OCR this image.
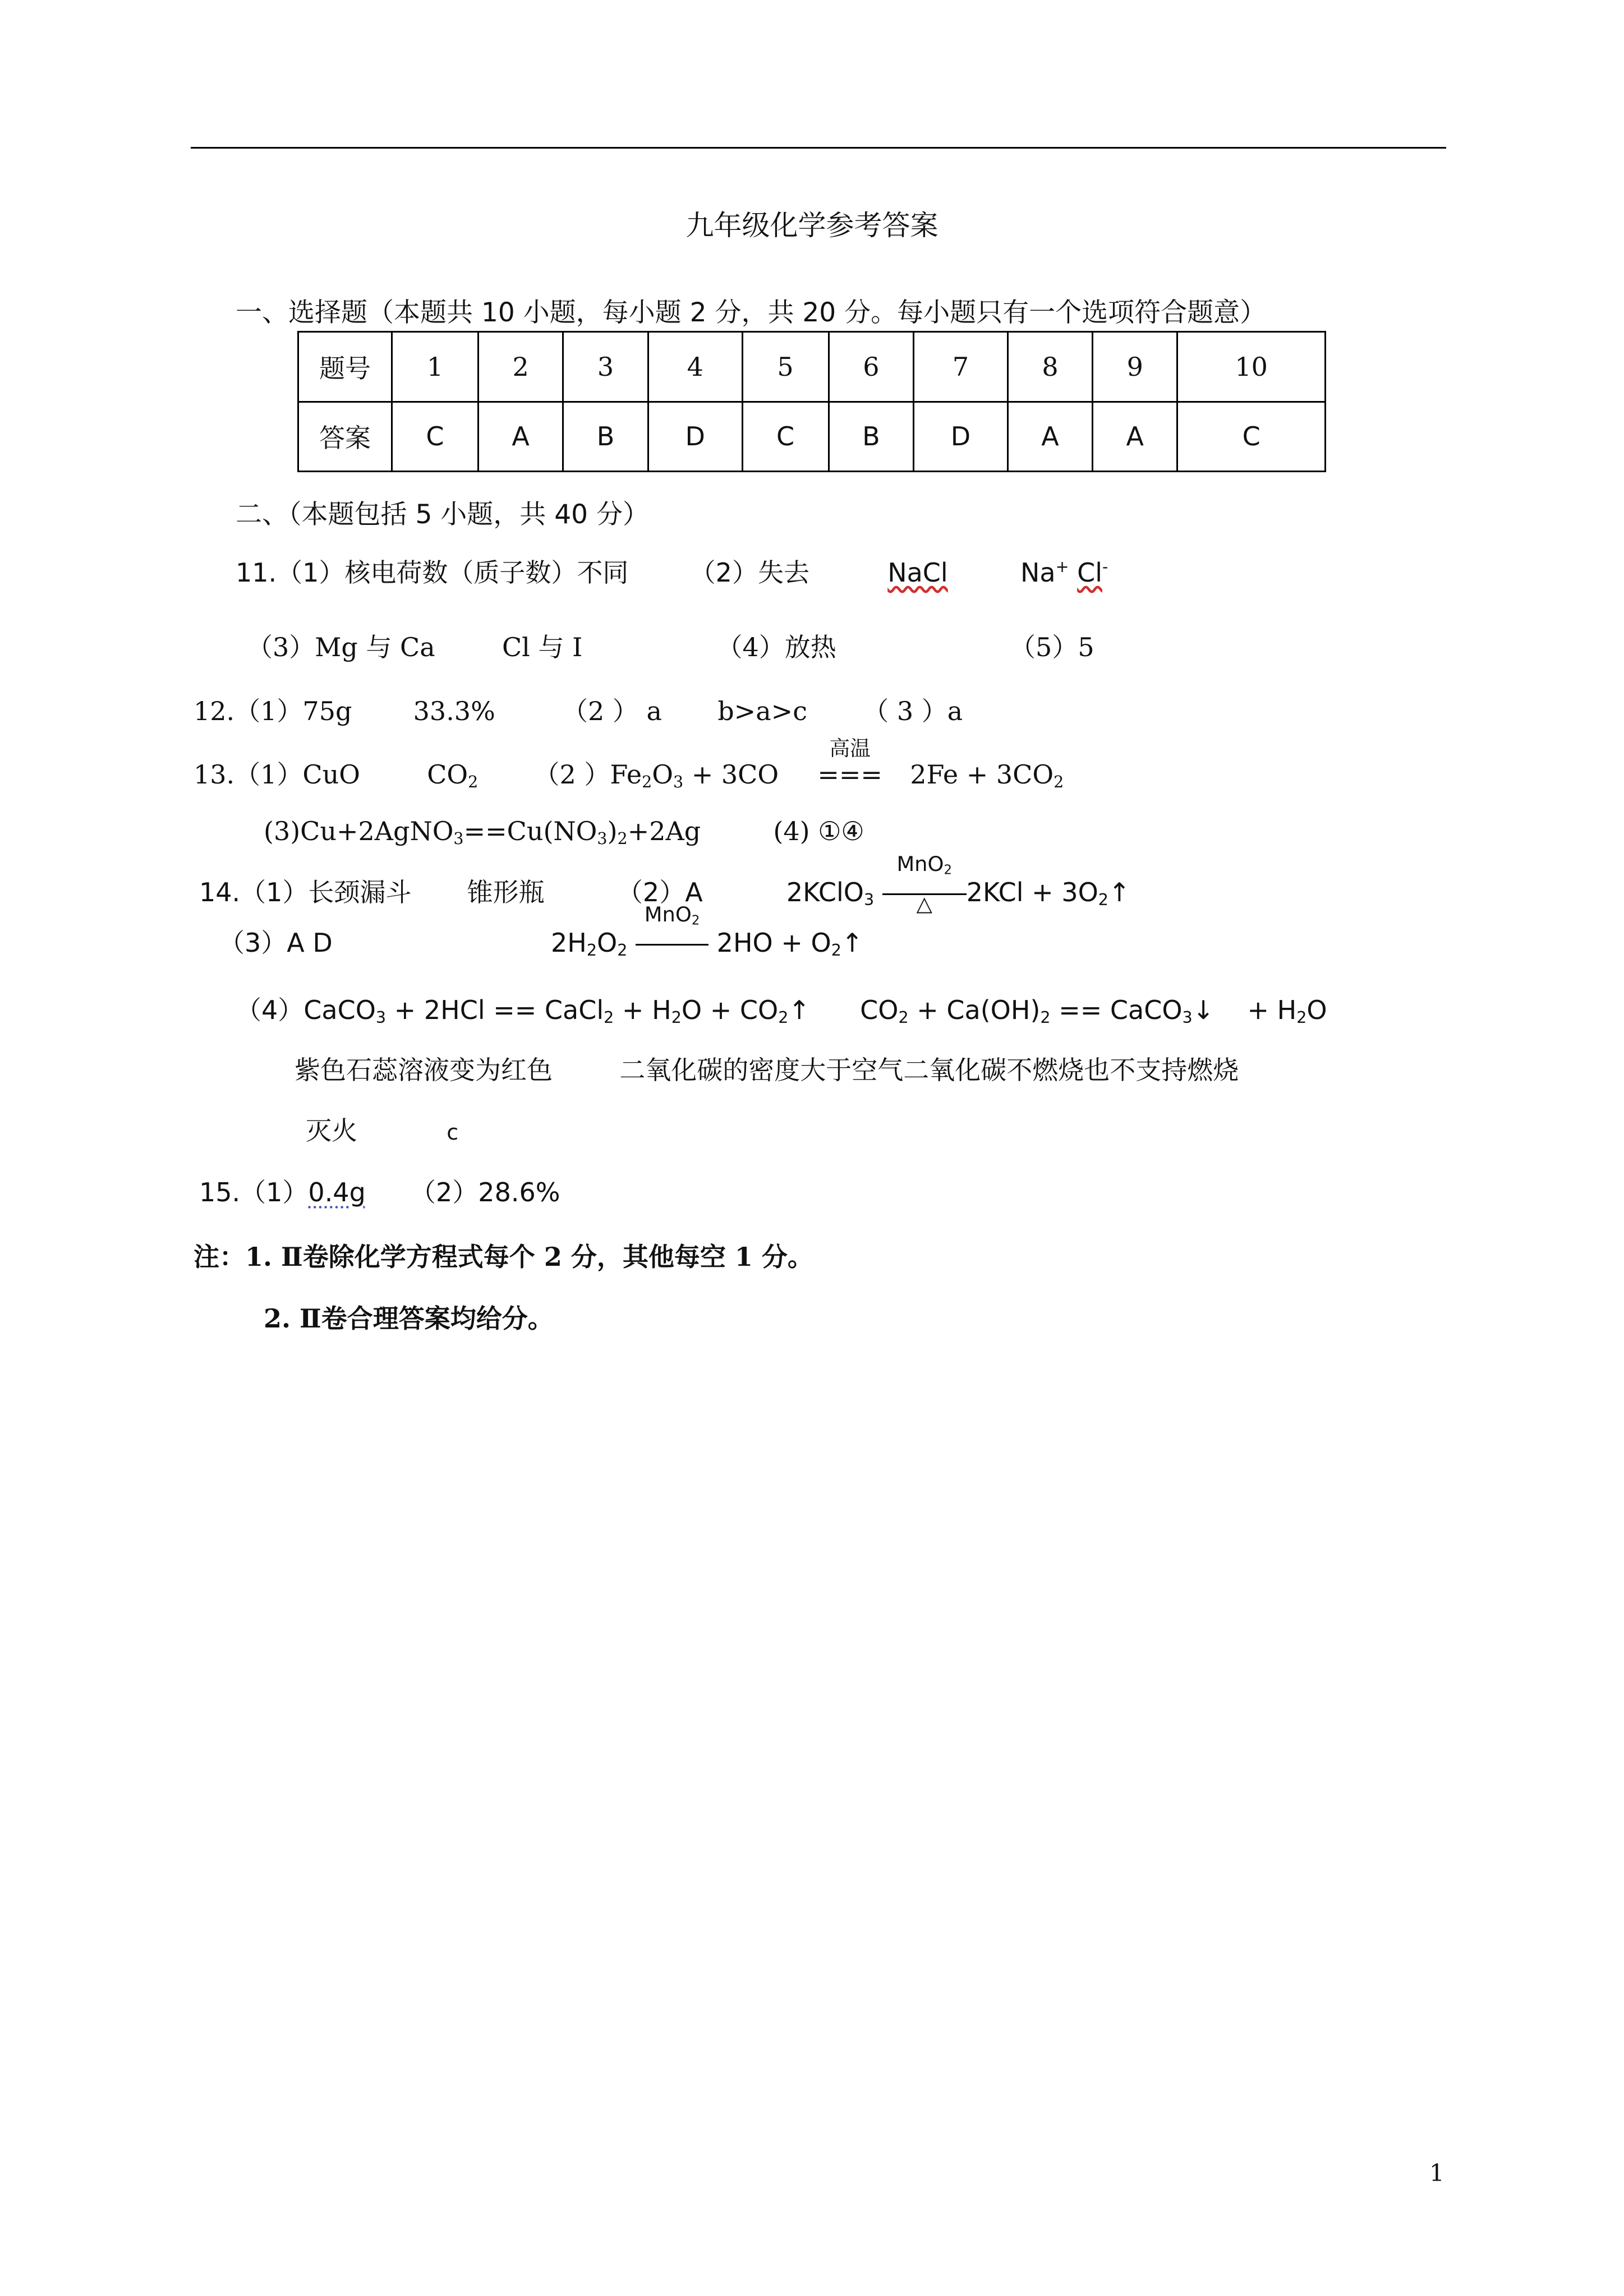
九年级化学参考答案
一、选择题（本题共 10 小题，每小题 2 分，共 20 分。每小题只有一个选项符合题意）
题号	1	2	3	4	5	6	7	8	9	10
答案	C	A	B	D	C	B	D	A	A	C
二、（本题包括 5 小题，共 40 分）
11.（1）核电荷数（质子数）不同 （2）失去	NaCl	Na+ Cl-
（3）Mg 与 Ca	Cl 与 I	（4）放热	（5）5
12.（1）75g 33.3%	（2 ） a b>a>c （ 3 ）a
13.（1）CuO	$CO_2$ （2 ）$Fe_2O_3 + 3CO$
高温
=== $2Fe + 3CO_2$
$(3)Cu+2AgNO_3==Cu(NO_3)_2+2Ag$	(4) ①④
14.（1）长颈漏斗 锥形瓶	（2）A	2KClO$_3$
MnO$_2$
△	$2KCl + 3O_2↑$
（3）A D	$2H_2O_2$
MnO$_2$
$2HO + O_2↑$
（4）CaCO$_3$ + 2HCl == CaCl$_2$ + $H_2O$ + $CO_2↑$ $CO_2 + Ca(OH)_2$ == CaCO$_3$↓ + $H_2O$
紫色石蕊溶液变为红色	二氧化碳的密度大于空气二氧化碳不燃烧也不支持燃烧
灭火	c
15.（1）0.4g （2）28.6%
注：1. Ⅱ卷除化学方程式每个 2 分，其他每空 1 分。
2. Ⅱ卷合理答案均给分。
1
